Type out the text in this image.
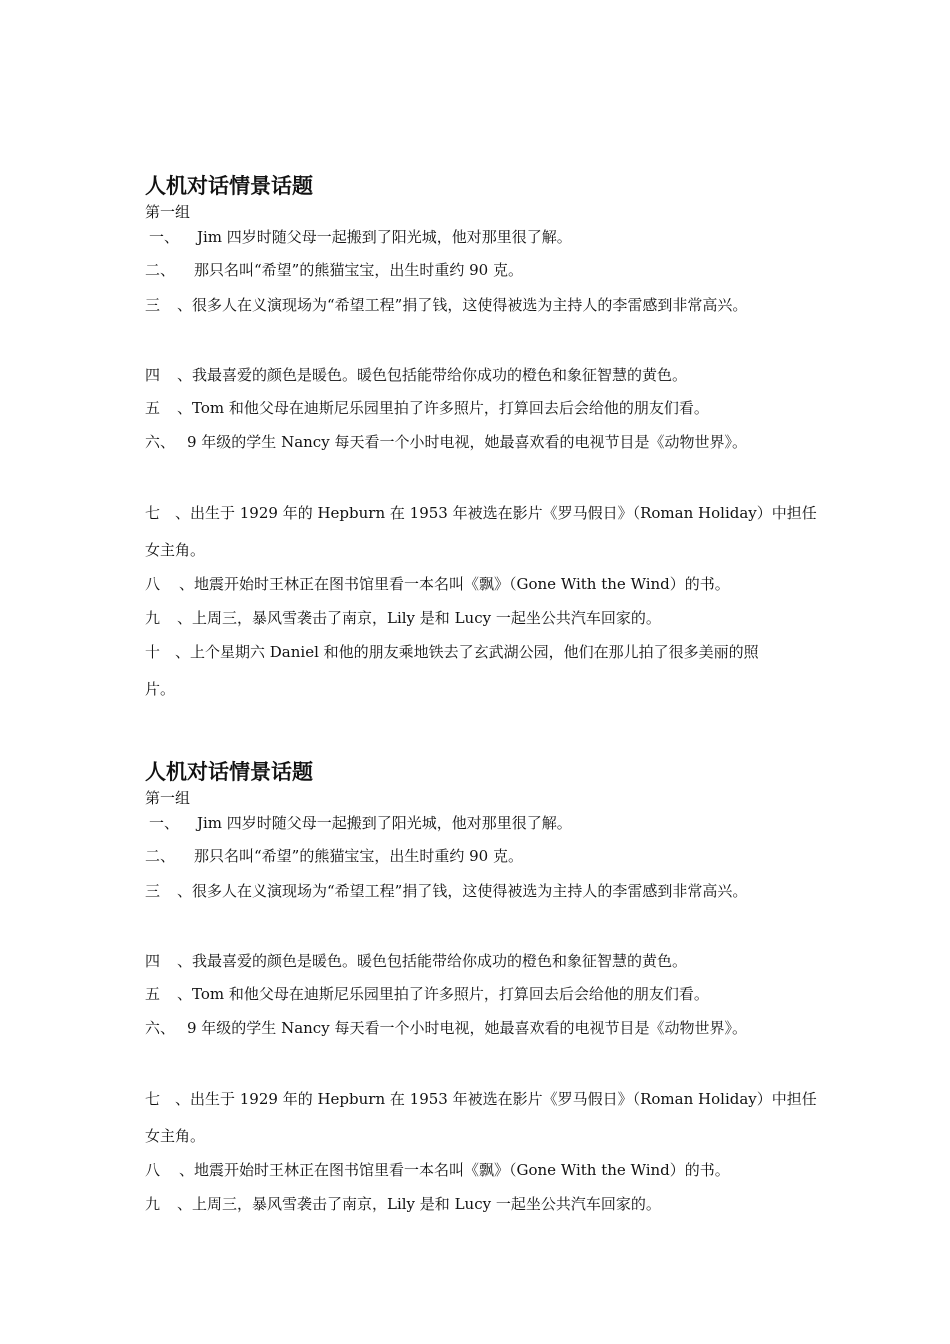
人机对话情景话题
第一组
一、 Jim 四岁时随父母一起搬到了阳光城，他对那里很了解。
二、 那只名叫“希望”的熊猫宝宝，出生时重约 90 克。
三 、很多人在义演现场为“希望工程”捐了钱，这使得被选为主持人的李雷感到非常高兴。
四 、我最喜爱的颜色是暖色。暖色包括能带给你成功的橙色和象征智慧的黄色。
五 、Tom 和他父母在迪斯尼乐园里拍了许多照片，打算回去后会给他的朋友们看。
六、 9 年级的学生 Nancy 每天看一个小时电视，她最喜欢看的电视节目是《动物世界》。
七 、出生于 1929 年的 Hepburn 在 1953 年被选在影片《罗马假日》（Roman Holiday）中担任
女主角。
八 、地震开始时王林正在图书馆里看一本名叫《飘》（Gone With the Wind）的书。
九 、上周三，暴风雪袭击了南京，Lily 是和 Lucy 一起坐公共汽车回家的。
十 、上个星期六 Daniel 和他的朋友乘地铁去了玄武湖公园，他们在那儿拍了很多美丽的照
片。
人机对话情景话题
第一组
一、 Jim 四岁时随父母一起搬到了阳光城，他对那里很了解。
二、 那只名叫“希望”的熊猫宝宝，出生时重约 90 克。
三 、很多人在义演现场为“希望工程”捐了钱，这使得被选为主持人的李雷感到非常高兴。
四 、我最喜爱的颜色是暖色。暖色包括能带给你成功的橙色和象征智慧的黄色。
五 、Tom 和他父母在迪斯尼乐园里拍了许多照片，打算回去后会给他的朋友们看。
六、 9 年级的学生 Nancy 每天看一个小时电视，她最喜欢看的电视节目是《动物世界》。
七 、出生于 1929 年的 Hepburn 在 1953 年被选在影片《罗马假日》（Roman Holiday）中担任
女主角。
八 、地震开始时王林正在图书馆里看一本名叫《飘》（Gone With the Wind）的书。
九 、上周三，暴风雪袭击了南京，Lily 是和 Lucy 一起坐公共汽车回家的。
